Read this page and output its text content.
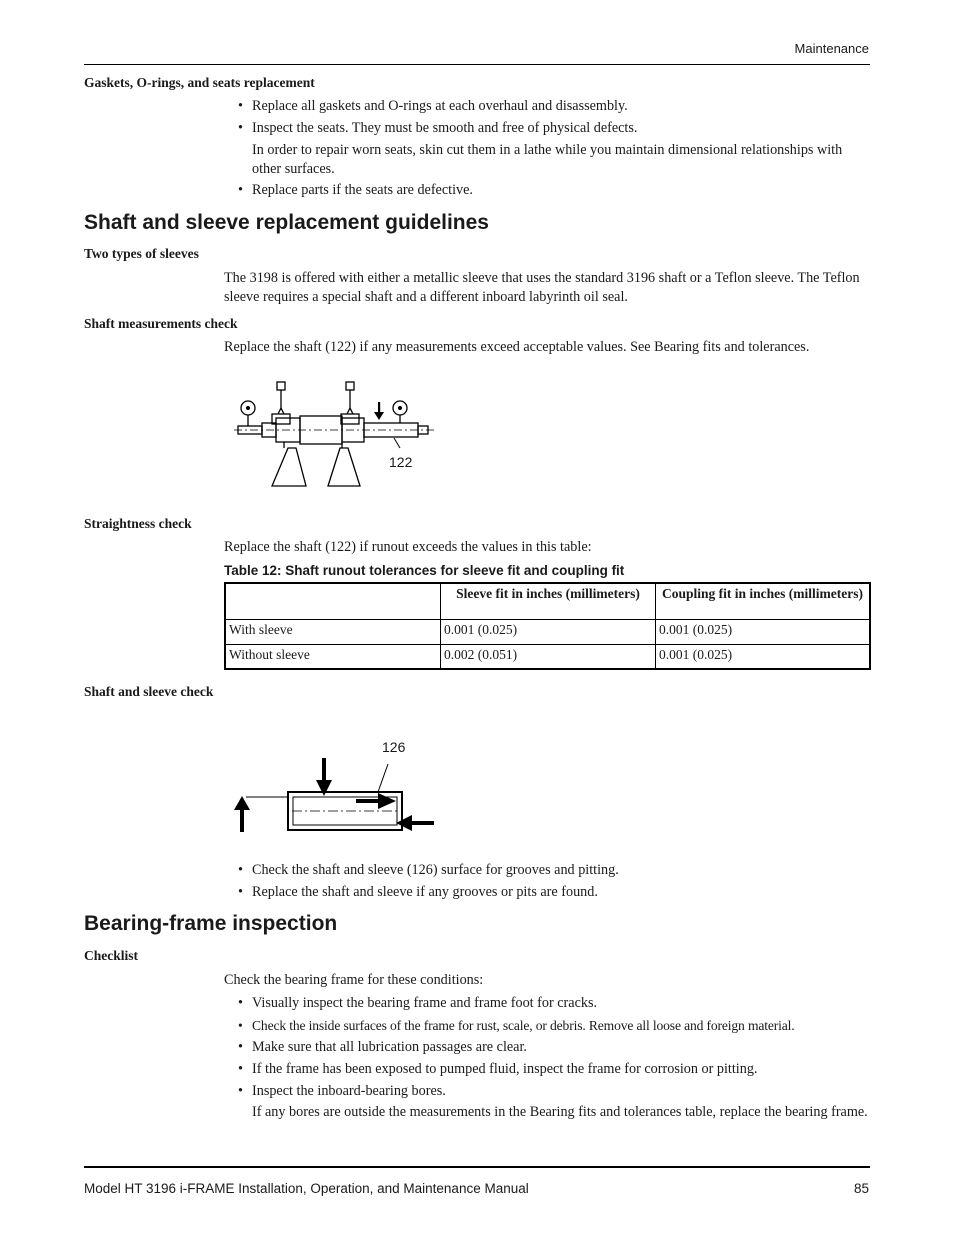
Maintenance
Gaskets, O-rings, and seats replacement
• Replace all gaskets and O-rings at each overhaul and disassembly.
• Inspect the seats. They must be smooth and free of physical defects.
In order to repair worn seats, skin cut them in a lathe while you maintain dimensional relationships with other surfaces.
• Replace parts if the seats are defective.
Shaft and sleeve replacement guidelines
Two types of sleeves
The 3198 is offered with either a metallic sleeve that uses the standard 3196 shaft or a Teflon sleeve. The Teflon sleeve requires a special shaft and a different inboard labyrinth oil seal.
Shaft measurements check
Replace the shaft (122) if any measurements exceed acceptable values. See Bearing fits and tolerances.
122
Straightness check
Replace the shaft (122) if runout exceeds the values in this table:
Table 12: Shaft runout tolerances for sleeve fit and coupling fit
	Sleeve fit in inches (millimeters)	Coupling fit in inches (millimeters)
With sleeve	0.001 (0.025)	0.001 (0.025)
Without sleeve	0.002 (0.051)	0.001 (0.025)
Shaft and sleeve check
126
• Check the shaft and sleeve (126) surface for grooves and pitting.
• Replace the shaft and sleeve if any grooves or pits are found.
Bearing-frame inspection
Checklist
Check the bearing frame for these conditions:
• Visually inspect the bearing frame and frame foot for cracks.
• Check the inside surfaces of the frame for rust, scale, or debris. Remove all loose and foreign material.
• Make sure that all lubrication passages are clear.
• If the frame has been exposed to pumped fluid, inspect the frame for corrosion or pitting.
• Inspect the inboard-bearing bores.
If any bores are outside the measurements in the Bearing fits and tolerances table, replace the bearing frame.
Model HT 3196 i-FRAME Installation, Operation, and Maintenance Manual	85
